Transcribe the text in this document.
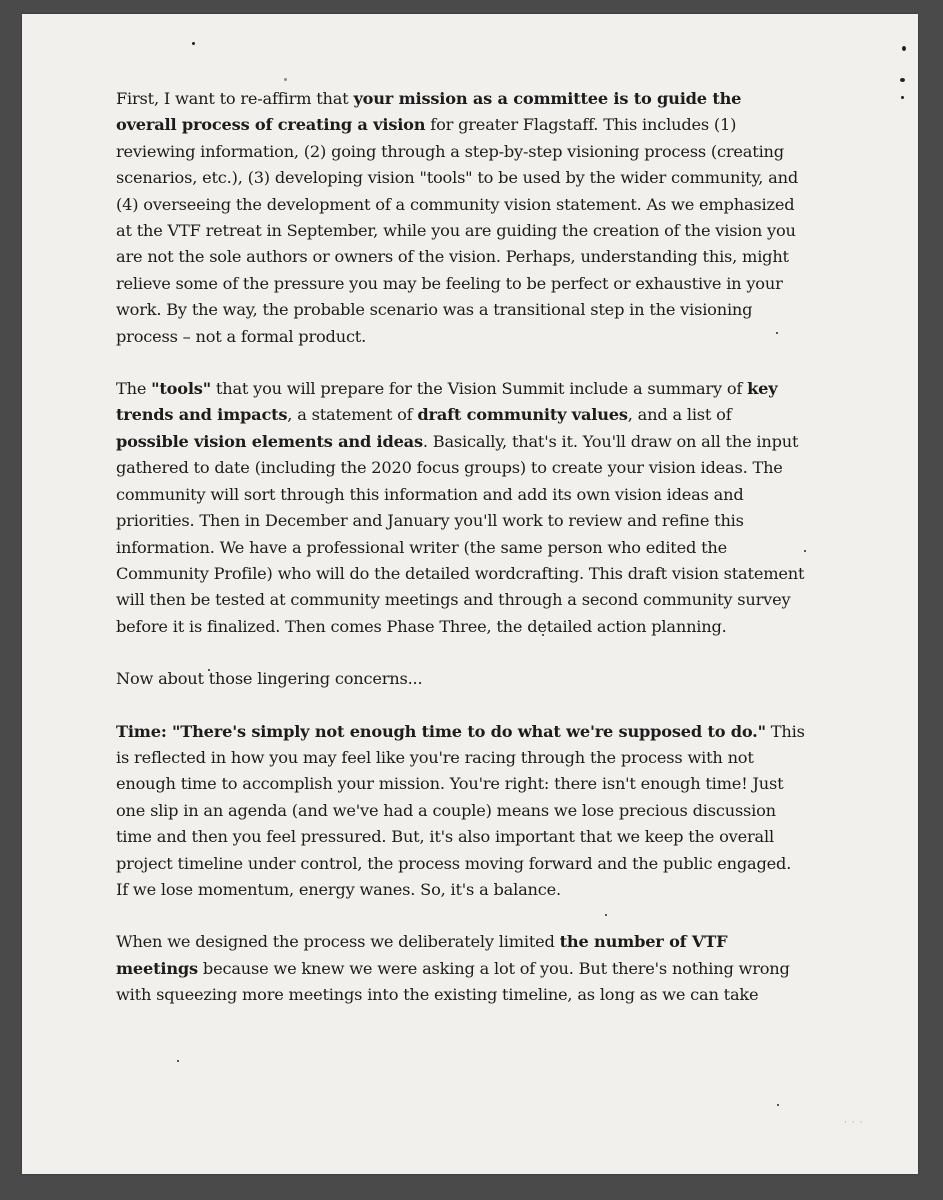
First, I want to re-affirm that your mission as a committee is to guide the overall process of creating a vision for greater Flagstaff. This includes (1) reviewing information, (2) going through a step-by-step visioning process (creating scenarios, etc.), (3) developing vision "tools" to be used by the wider community, and (4) overseeing the development of a community vision statement. As we emphasized at the VTF retreat in September, while you are guiding the creation of the vision you are not the sole authors or owners of the vision. Perhaps, understanding this, might relieve some of the pressure you may be feeling to be perfect or exhaustive in your work. By the way, the probable scenario was a transitional step in the visioning process – not a formal product.

The "tools" that you will prepare for the Vision Summit include a summary of key trends and impacts, a statement of draft community values, and a list of possible vision elements and ideas. Basically, that's it. You'll draw on all the input gathered to date (including the 2020 focus groups) to create your vision ideas. The community will sort through this information and add its own vision ideas and priorities. Then in December and January you'll work to review and refine this information. We have a professional writer (the same person who edited the Community Profile) who will do the detailed wordcrafting. This draft vision statement will then be tested at community meetings and through a second community survey before it is finalized. Then comes Phase Three, the detailed action planning.

Now about those lingering concerns...

Time: "There's simply not enough time to do what we're supposed to do." This is reflected in how you may feel like you're racing through the process with not enough time to accomplish your mission. You're right: there isn't enough time! Just one slip in an agenda (and we've had a couple) means we lose precious discussion time and then you feel pressured. But, it's also important that we keep the overall project timeline under control, the process moving forward and the public engaged. If we lose momentum, energy wanes. So, it's a balance.

When we designed the process we deliberately limited the number of VTF meetings because we knew we were asking a lot of you. But there's nothing wrong with squeezing more meetings into the existing timeline, as long as we can take

· · ·
